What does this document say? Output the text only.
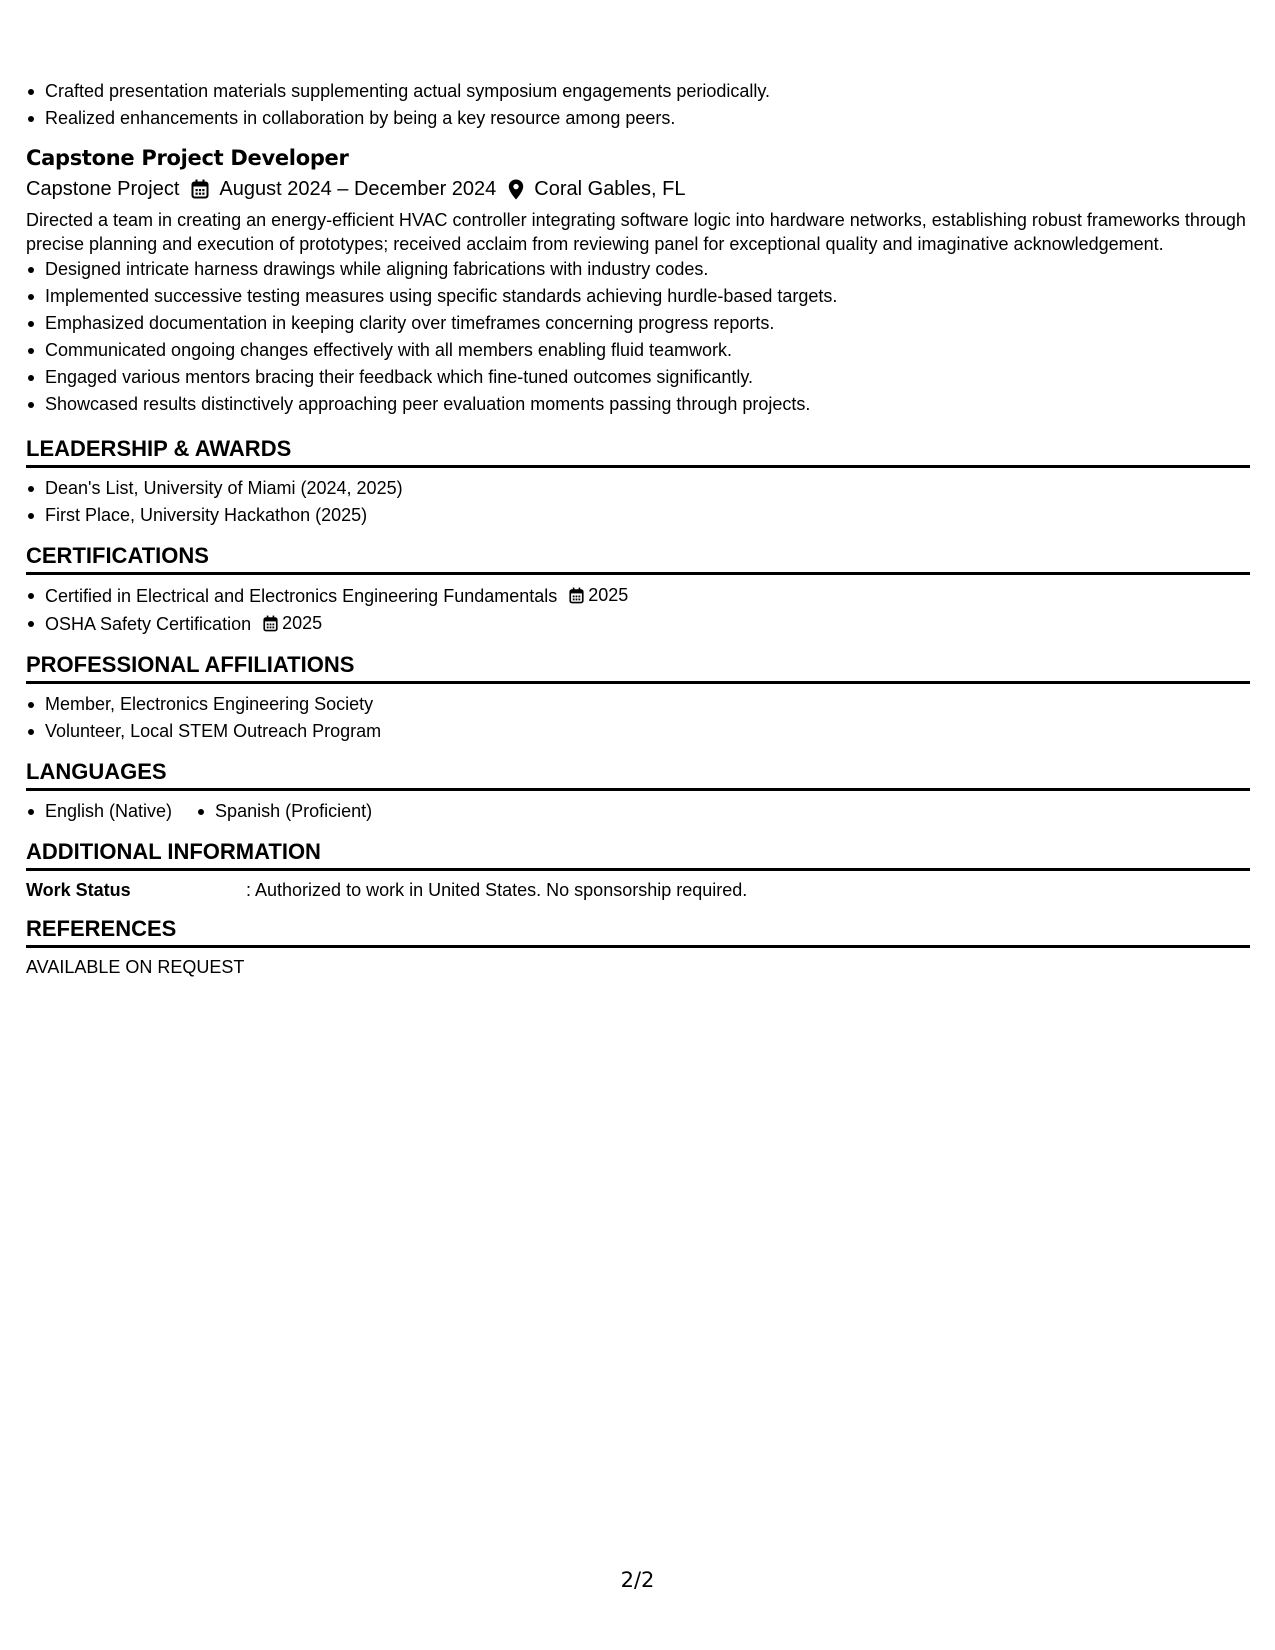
Crafted presentation materials supplementing actual symposium engagements periodically.
Realized enhancements in collaboration by being a key resource among peers.
Capstone Project Developer
Capstone Project August 2024 – December 2024 Coral Gables, FL
Directed a team in creating an energy-efficient HVAC controller integrating software logic into hardware networks, establishing robust frameworks through precise planning and execution of prototypes; received acclaim from reviewing panel for exceptional quality and imaginative acknowledgement.
Designed intricate harness drawings while aligning fabrications with industry codes.
Implemented successive testing measures using specific standards achieving hurdle-based targets.
Emphasized documentation in keeping clarity over timeframes concerning progress reports.
Communicated ongoing changes effectively with all members enabling fluid teamwork.
Engaged various mentors bracing their feedback which fine-tuned outcomes significantly.
Showcased results distinctively approaching peer evaluation moments passing through projects.
LEADERSHIP & AWARDS
Dean's List, University of Miami (2024, 2025)
First Place, University Hackathon (2025)
CERTIFICATIONS
Certified in Electrical and Electronics Engineering Fundamentals 2025
OSHA Safety Certification 2025
PROFESSIONAL AFFILIATIONS
Member, Electronics Engineering Society
Volunteer, Local STEM Outreach Program
LANGUAGES
English (Native)	Spanish (Proficient)
ADDITIONAL INFORMATION
Work Status	: Authorized to work in United States. No sponsorship required.
REFERENCES
AVAILABLE ON REQUEST
2/2
